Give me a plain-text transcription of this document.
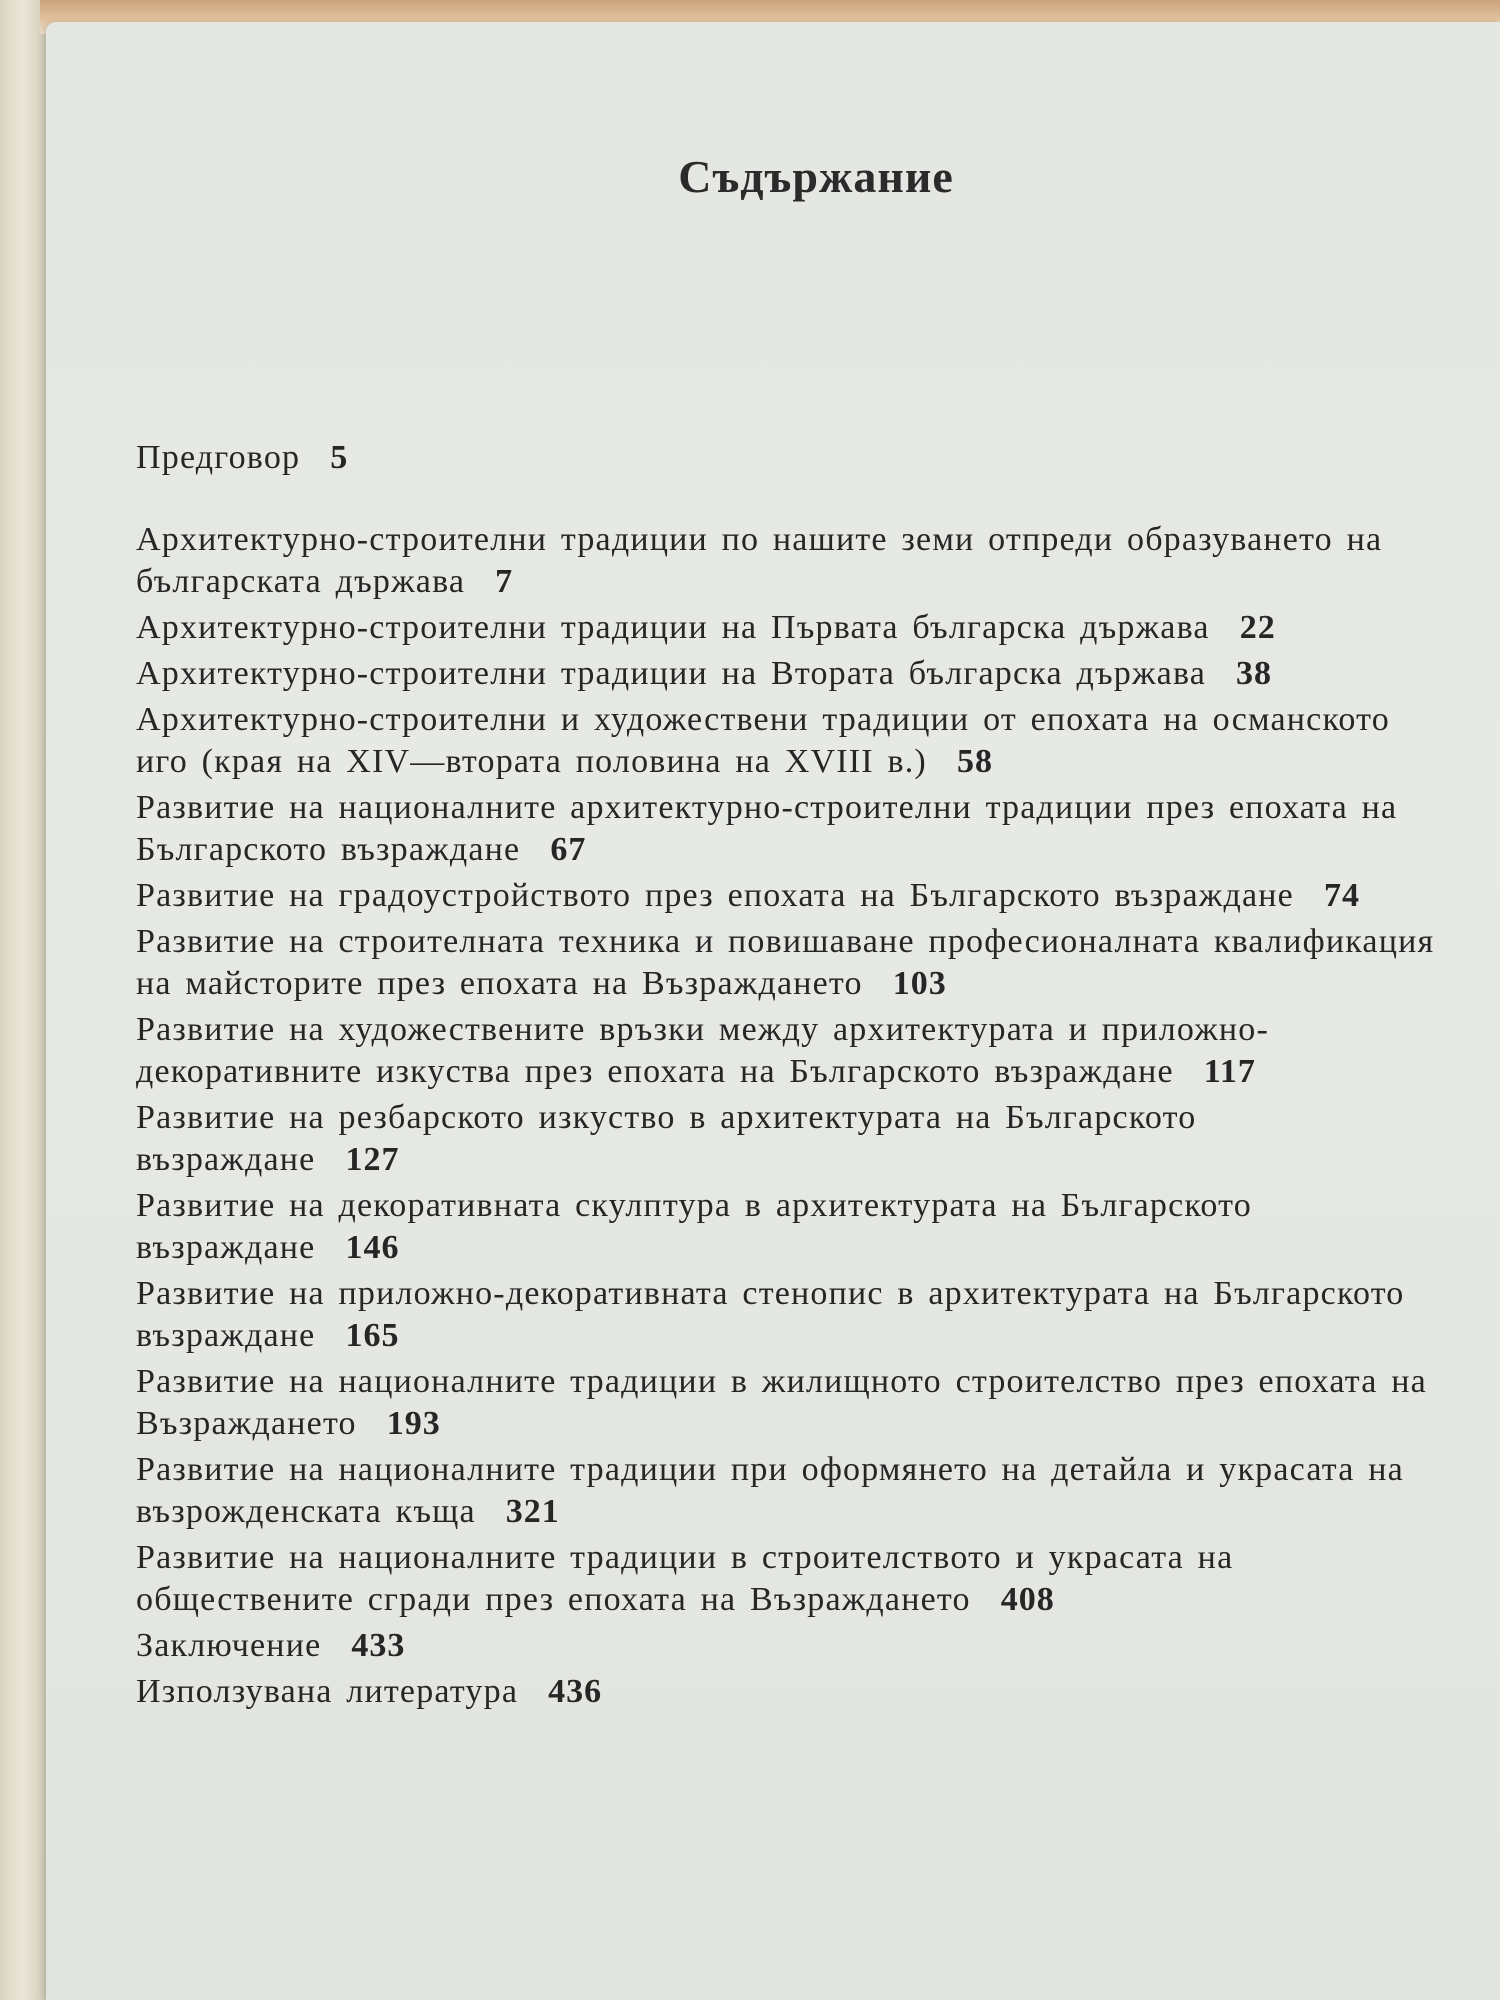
Съдържание
Предговор 5
Архитектурно-строителни традиции по нашите земи отпреди образуването на българската държава 7
Архитектурно-строителни традиции на Първата българска държава 22
Архитектурно-строителни традиции на Втората българска държава 38
Архитектурно-строителни и художествени традиции от епохата на османското иго (края на XIV—втората половина на XVIII в.) 58
Развитие на националните архитектурно-строителни традиции през епохата на Българското възраждане 67
Развитие на градоустройството през епохата на Българското възраждане 74
Развитие на строителната техника и повишаване професионалната квалификация на майсторите през епохата на Възраждането 103
Развитие на художествените връзки между архитектурата и приложно-декоративните изкуства през епохата на Българското възраждане 117
Развитие на резбарското изкуство в архитектурата на Българското възраждане 127
Развитие на декоративната скулптура в архитектурата на Българското възраждане 146
Развитие на приложно-декоративната стенопис в архитектурата на Българското възраждане 165
Развитие на националните традиции в жилищното строителство през епохата на Възраждането 193
Развитие на националните традиции при оформянето на детайла и украсата на възрожденската къща 321
Развитие на националните традиции в строителството и украсата на обществените сгради през епохата на Възраждането 408
Заключение 433
Използувана литература 436
